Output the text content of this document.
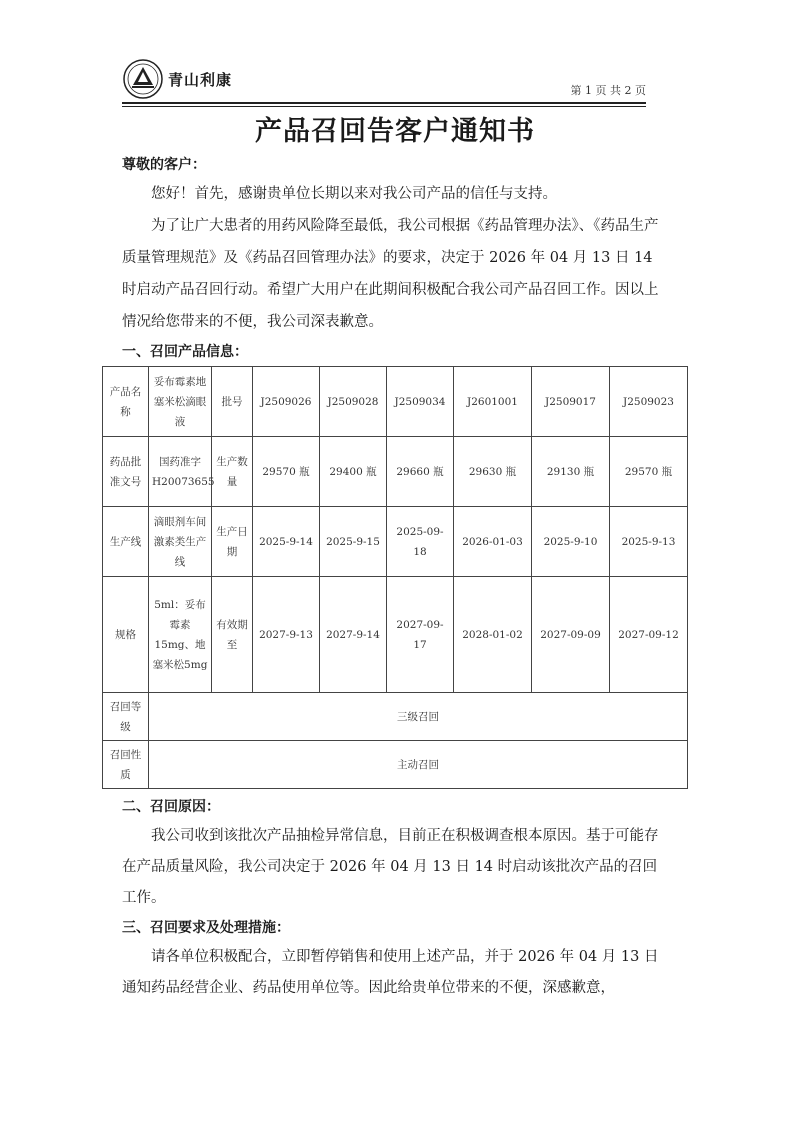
青山利康
第 1 页 共 2 页
产品召回告客户通知书
尊敬的客户：

您好！首先，感谢贵单位长期以来对我公司产品的信任与支持。

为了让广大患者的用药风险降至最低，我公司根据《药品管理办法》、《药品生产质量管理规范》及《药品召回管理办法》的要求，决定于 2026 年 04 月 13 日 14 时启动产品召回行动。希望广大用户在此期间积极配合我公司产品召回工作。因以上情况给您带来的不便，我公司深表歉意。

一、召回产品信息：

产品名称	妥布霉素地塞米松滴眼液	批号	J2509026	J2509028	J2509034	J2601001	J2509017	J2509023
药品批准文号	国药准字H20073655	生产数量	29570 瓶	29400 瓶	29660 瓶	29630 瓶	29130 瓶	29570 瓶
生产线	滴眼剂车间激素类生产线	生产日期	2025-9-14	2025-9-15	2025-09-18	2026-01-03	2025-9-10	2025-9-13
规格	5ml：妥布霉素15mg、地塞米松5mg	有效期至	2027-9-13	2027-9-14	2027-09-17	2028-01-02	2027-09-09	2027-09-12
召回等级	三级召回							
召回性质	主动召回							

二、召回原因：

我公司收到该批次产品抽检异常信息，目前正在积极调查根本原因。基于可能存在产品质量风险，我公司决定于 2026 年 04 月 13 日 14 时启动该批次产品的召回工作。

三、召回要求及处理措施：

请各单位积极配合，立即暂停销售和使用上述产品，并于 2026 年 04 月 13 日通知药品经营企业、药品使用单位等。因此给贵单位带来的不便，深感歉意，
